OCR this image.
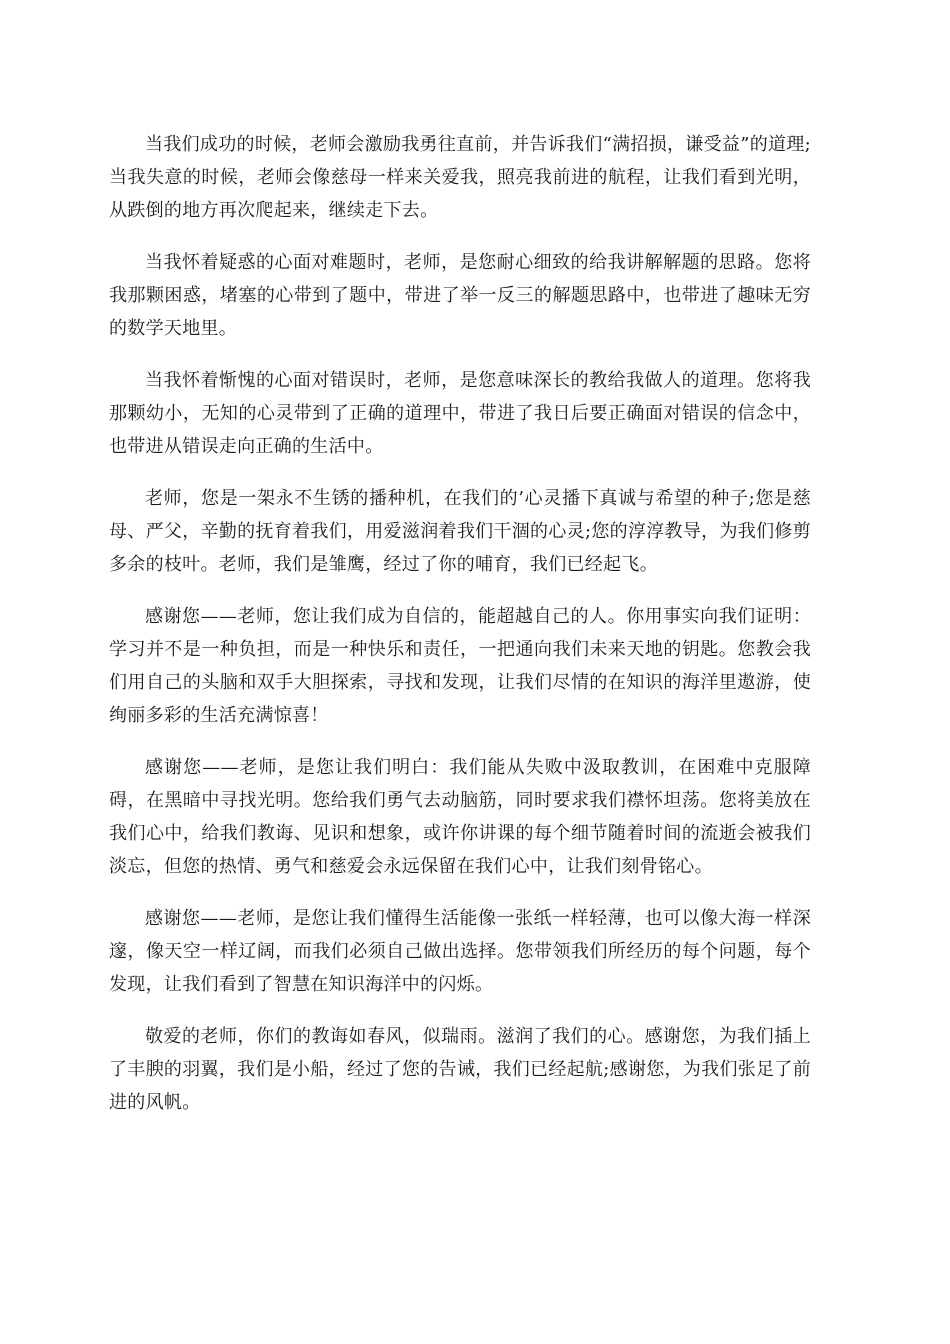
当我们成功的时候，老师会激励我勇往直前，并告诉我们“满招损，谦受益”的道理;当我失意的时候，老师会像慈母一样来关爱我，照亮我前进的航程，让我们看到光明，从跌倒的地方再次爬起来，继续走下去。

当我怀着疑惑的心面对难题时，老师，是您耐心细致的给我讲解解题的思路。您将我那颗困惑，堵塞的心带到了题中，带进了举一反三的解题思路中，也带进了趣味无穷的数学天地里。

当我怀着惭愧的心面对错误时，老师，是您意味深长的教给我做人的道理。您将我那颗幼小，无知的心灵带到了正确的道理中，带进了我日后要正确面对错误的信念中，也带进从错误走向正确的生活中。

老师，您是一架永不生锈的播种机，在我们的’心灵播下真诚与希望的种子;您是慈母、严父，辛勤的抚育着我们，用爱滋润着我们干涸的心灵;您的淳淳教导，为我们修剪多余的枝叶。老师，我们是雏鹰，经过了你的哺育，我们已经起飞。

感谢您——老师，您让我们成为自信的，能超越自己的人。你用事实向我们证明：学习并不是一种负担，而是一种快乐和责任，一把通向我们未来天地的钥匙。您教会我们用自己的头脑和双手大胆探索，寻找和发现，让我们尽情的在知识的海洋里遨游，使绚丽多彩的生活充满惊喜！

感谢您——老师，是您让我们明白：我们能从失败中汲取教训，在困难中克服障碍，在黑暗中寻找光明。您给我们勇气去动脑筋，同时要求我们襟怀坦荡。您将美放在我们心中，给我们教诲、见识和想象，或许你讲课的每个细节随着时间的流逝会被我们淡忘，但您的热情、勇气和慈爱会永远保留在我们心中，让我们刻骨铭心。

感谢您——老师，是您让我们懂得生活能像一张纸一样轻薄，也可以像大海一样深邃，像天空一样辽阔，而我们必须自己做出选择。您带领我们所经历的每个问题，每个发现，让我们看到了智慧在知识海洋中的闪烁。

敬爱的老师，你们的教诲如春风，似瑞雨。滋润了我们的心。感谢您，为我们插上了丰腴的羽翼，我们是小船，经过了您的告诫，我们已经起航;感谢您，为我们张足了前进的风帆。
